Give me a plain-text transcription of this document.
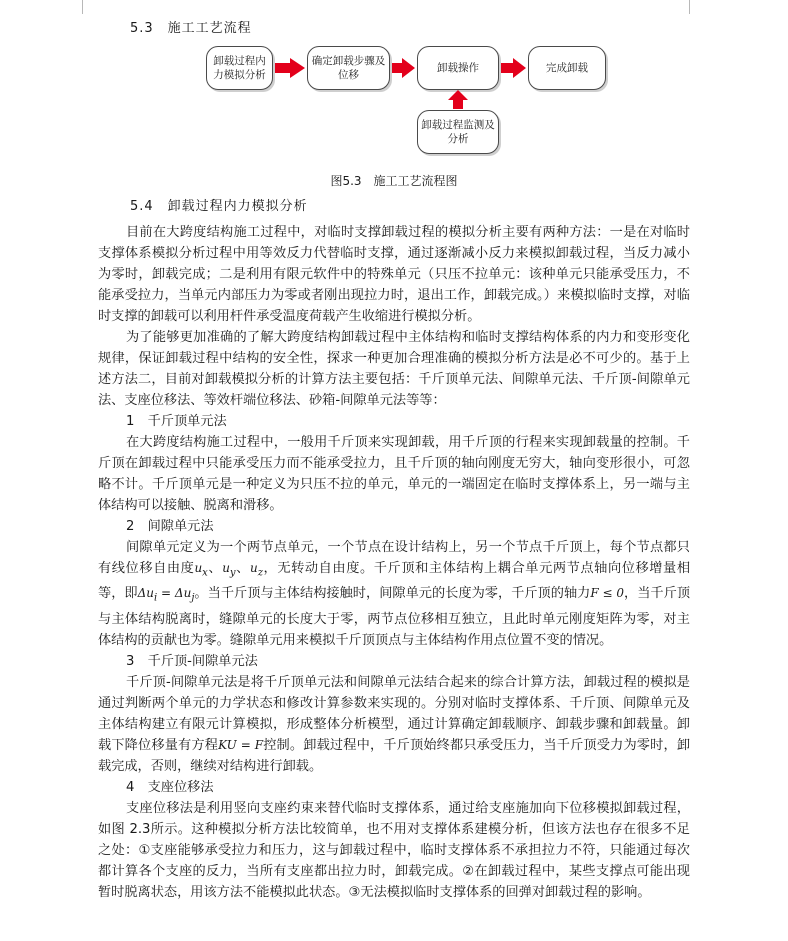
5.3　施工工艺流程
卸载过程内力模拟分析
确定卸载步骤及位移
卸载操作	完成卸载
卸载过程监测及分析
图5.3　施工工艺流程图
5.4　卸载过程内力模拟分析

目前在大跨度结构施工过程中，对临时支撑卸载过程的模拟分析主要有两种方法：一是在对临时支撑体系模拟分析过程中用等效反力代替临时支撑，通过逐渐减小反力来模拟卸载过程，当反力减小为零时，卸载完成；二是利用有限元软件中的特殊单元（只压不拉单元：该种单元只能承受压力，不能承受拉力，当单元内部压力为零或者刚出现拉力时，退出工作，卸载完成。）来模拟临时支撑，对临时支撑的卸载可以利用杆件承受温度荷载产生收缩进行模拟分析。

为了能够更加准确的了解大跨度结构卸载过程中主体结构和临时支撑结构体系的内力和变形变化规律，保证卸载过程中结构的安全性，探求一种更加合理准确的模拟分析方法是必不可少的。基于上述方法二，目前对卸载模拟分析的计算方法主要包括：千斤顶单元法、间隙单元法、千斤顶-间隙单元法、支座位移法、等效杆端位移法、砂箱-间隙单元法等等：

1　千斤顶单元法

在大跨度结构施工过程中，一般用千斤顶来实现卸载，用千斤顶的行程来实现卸载量的控制。千斤顶在卸载过程中只能承受压力而不能承受拉力，且千斤顶的轴向刚度无穷大，轴向变形很小，可忽略不计。千斤顶单元是一种定义为只压不拉的单元，单元的一端固定在临时支撑体系上，另一端与主体结构可以接触、脱离和滑移。

2　间隙单元法

间隙单元定义为一个两节点单元，一个节点在设计结构上，另一个节点千斤顶上，每个节点都只有线位移自由度$u_x$、$u_y$、$u_z$，无转动自由度。千斤顶和主体结构上耦合单元两节点轴向位移增量相等，即$\Delta u_i = \Delta u_j$。当千斤顶与主体结构接触时，间隙单元的长度为零，千斤顶的轴力F ≤ 0，当千斤顶与主体结构脱离时，缝隙单元的长度大于零，两节点位移相互独立，且此时单元刚度矩阵为零，对主体结构的贡献也为零。缝隙单元用来模拟千斤顶顶点与主体结构作用点位置不变的情况。

3　千斤顶-间隙单元法

千斤顶-间隙单元法是将千斤顶单元法和间隙单元法结合起来的综合计算方法，卸载过程的模拟是通过判断两个单元的力学状态和修改计算参数来实现的。分别对临时支撑体系、千斤顶、间隙单元及主体结构建立有限元计算模拟，形成整体分析模型，通过计算确定卸载顺序、卸载步骤和卸载量。卸载下降位移量有方程KU = F控制。卸载过程中，千斤顶始终都只承受压力，当千斤顶受力为零时，卸载完成，否则，继续对结构进行卸载。

4　支座位移法

支座位移法是利用竖向支座约束来替代临时支撑体系，通过给支座施加向下位移模拟卸载过程，如图 2.3所示。这种模拟分析方法比较简单，也不用对支撑体系建模分析，但该方法也存在很多不足之处：①支座能够承受拉力和压力，这与卸载过程中，临时支撑体系不承担拉力不符，只能通过每次都计算各个支座的反力，当所有支座都出拉力时，卸载完成。②在卸载过程中，某些支撑点可能出现暂时脱离状态，用该方法不能模拟此状态。③无法模拟临时支撑体系的回弹对卸载过程的影响。
